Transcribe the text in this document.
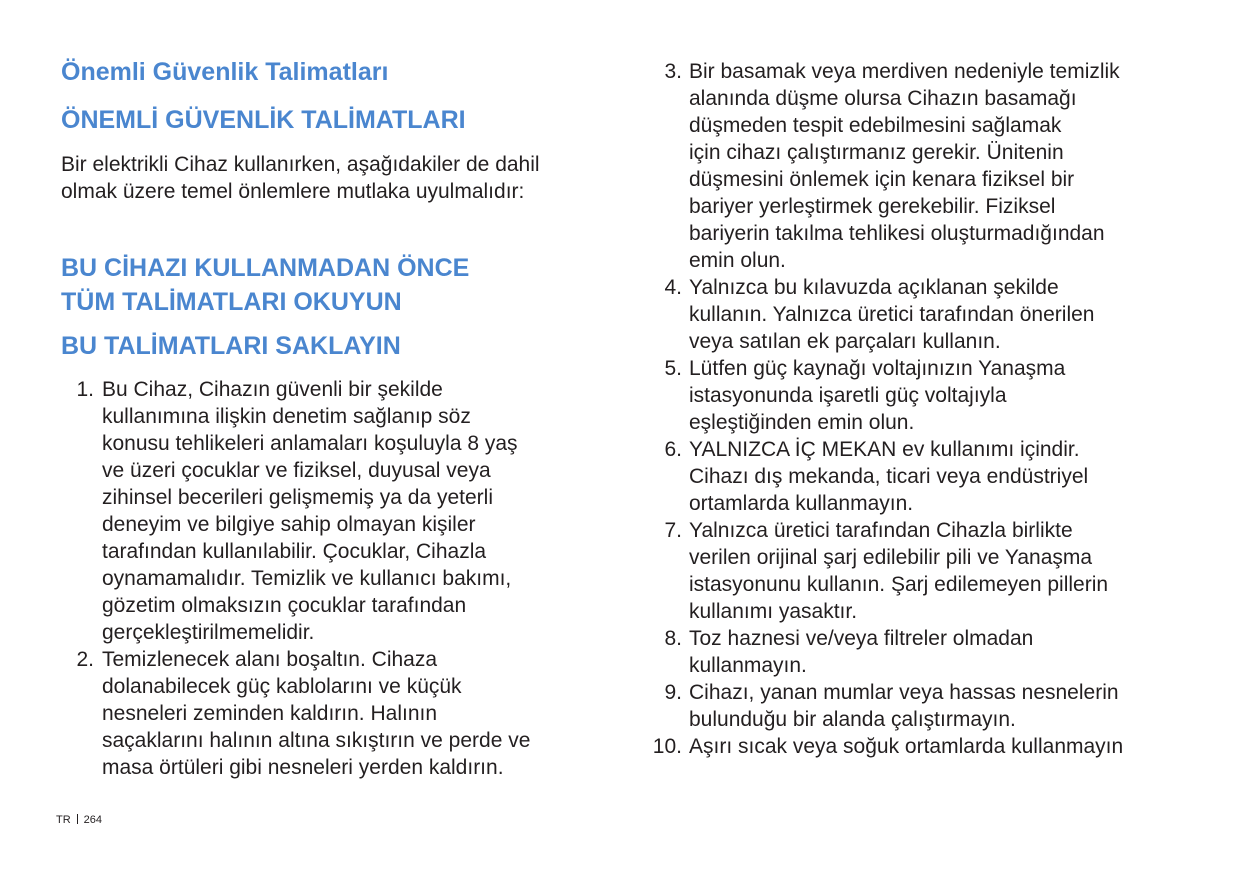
Önemli Güvenlik Talimatları
ÖNEMLİ GÜVENLİK TALİMATLARI

Bir elektrikli Cihaz kullanırken, aşağıdakiler de dahil olmak üzere temel önlemlere mutlaka uyulmalıdır:

BU CİHAZI KULLANMADAN ÖNCE
TÜM TALİMATLARI OKUYUN
BU TALİMATLARI SAKLAYIN
1. Bu Cihaz, Cihazın güvenli bir şekilde
kullanımına ilişkin denetim sağlanıp söz
konusu tehlikeleri anlamaları koşuluyla 8 yaş
ve üzeri çocuklar ve fiziksel, duyusal veya
zihinsel becerileri gelişmemiş ya da yeterli
deneyim ve bilgiye sahip olmayan kişiler
tarafından kullanılabilir. Çocuklar, Cihazla
oynamamalıdır. Temizlik ve kullanıcı bakımı,
gözetim olmaksızın çocuklar tarafından
gerçekleştirilmemelidir.
2. Temizlenecek alanı boşaltın. Cihaza
dolanabilecek güç kablolarını ve küçük
nesneleri zeminden kaldırın. Halının
saçaklarını halının altına sıkıştırın ve perde ve
masa örtüleri gibi nesneleri yerden kaldırın.
3. Bir basamak veya merdiven nedeniyle temizlik
alanında düşme olursa Cihazın basamağı
düşmeden tespit edebilmesini sağlamak
için cihazı çalıştırmanız gerekir. Ünitenin
düşmesini önlemek için kenara fiziksel bir
bariyer yerleştirmek gerekebilir. Fiziksel
bariyerin takılma tehlikesi oluşturmadığından
emin olun.
4. Yalnızca bu kılavuzda açıklanan şekilde
kullanın. Yalnızca üretici tarafından önerilen
veya satılan ek parçaları kullanın.
5. Lütfen güç kaynağı voltajınızın Yanaşma
istasyonunda işaretli güç voltajıyla
eşleştiğinden emin olun.
6. YALNIZCA İÇ MEKAN ev kullanımı içindir.
Cihazı dış mekanda, ticari veya endüstriyel
ortamlarda kullanmayın.
7. Yalnızca üretici tarafından Cihazla birlikte
verilen orijinal şarj edilebilir pili ve Yanaşma
istasyonunu kullanın. Şarj edilemeyen pillerin
kullanımı yasaktır.
8. Toz haznesi ve/veya filtreler olmadan
kullanmayın.
9. Cihazı, yanan mumlar veya hassas nesnelerin
bulunduğu bir alanda çalıştırmayın.
10. Aşırı sıcak veya soğuk ortamlarda kullanmayın
TR 264
